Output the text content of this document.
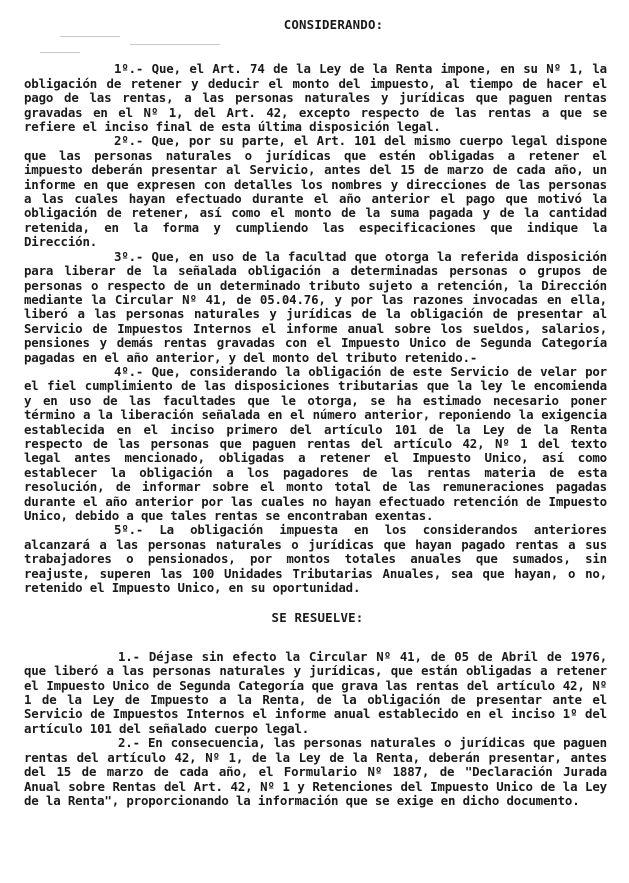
CONSIDERANDO:

1º.- Que, el Art. 74 de la Ley de la Renta impone, en su Nº 1, la obligación de retener y deducir el monto del impuesto, al tiempo de hacer el pago de las rentas, a las personas naturales y jurídicas que paguen rentas gravadas en el Nº 1, del Art. 42, excepto respecto de las rentas a que se refiere el inciso final de esta última disposición legal.

2º.- Que, por su parte, el Art. 101 del mismo cuerpo legal dispone que las personas naturales o jurídicas que estén obligadas a retener el impuesto deberán presentar al Servicio, antes del 15 de marzo de cada año, un informe en que expresen con detalles los nombres y direcciones de las personas a las cuales hayan efectuado durante el año anterior el pago que motivó la obligación de retener, así como el monto de la suma pagada y de la cantidad retenida, en la forma y cumpliendo las especificaciones que indique la Dirección.

3º.- Que, en uso de la facultad que otorga la referida disposición para liberar de la señalada obligación a determinadas personas o grupos de personas o respecto de un determinado tributo sujeto a retención, la Dirección mediante la Circular Nº 41, de 05.04.76, y por las razones invocadas en ella, liberó a las personas naturales y jurídicas de la obligación de presentar al Servicio de Impuestos Internos el informe anual sobre los sueldos, salarios, pensiones y demás rentas gravadas con el Impuesto Unico de Segunda Categoría pagadas en el año anterior, y del monto del tributo retenido.-

4º.- Que, considerando la obligación de este Servicio de velar por el fiel cumplimiento de las disposiciones tributarias que la ley le encomienda y en uso de las facultades que le otorga, se ha estimado necesario poner término a la liberación señalada en el número anterior, reponiendo la exigencia establecida en el inciso primero del artículo 101 de la Ley de la Renta respecto de las personas que paguen rentas del artículo 42, Nº 1 del texto legal antes mencionado, obligadas a retener el Impuesto Unico, así como establecer la obligación a los pagadores de las rentas materia de esta resolución, de informar sobre el monto total de las remuneraciones pagadas durante el año anterior por las cuales no hayan efectuado retención de Impuesto Unico, debido a que tales rentas se encontraban exentas.

5º.- La obligación impuesta en los considerandos anteriores alcanzará a las personas naturales o jurídicas que hayan pagado rentas a sus trabajadores o pensionados, por montos totales anuales que sumados, sin reajuste, superen las 100 Unidades Tributarias Anuales, sea que hayan, o no, retenido el Impuesto Unico, en su oportunidad.

SE RESUELVE:

1.- Déjase sin efecto la Circular Nº 41, de 05 de Abril de 1976, que liberó a las personas naturales y jurídicas, que están obligadas a retener el Impuesto Unico de Segunda Categoría que grava las rentas del artículo 42, Nº 1 de la Ley de Impuesto a la Renta, de la obligación de presentar ante el Servicio de Impuestos Internos el informe anual establecido en el inciso 1º del artículo 101 del señalado cuerpo legal.

2.- En consecuencia, las personas naturales o jurídicas que paguen rentas del artículo 42, Nº 1, de la Ley de la Renta, deberán presentar, antes del 15 de marzo de cada año, el Formulario Nº 1887, de "Declaración Jurada Anual sobre Rentas del Art. 42, Nº 1 y Retenciones del Impuesto Unico de la Ley de la Renta", proporcionando la información que se exige en dicho documento.
